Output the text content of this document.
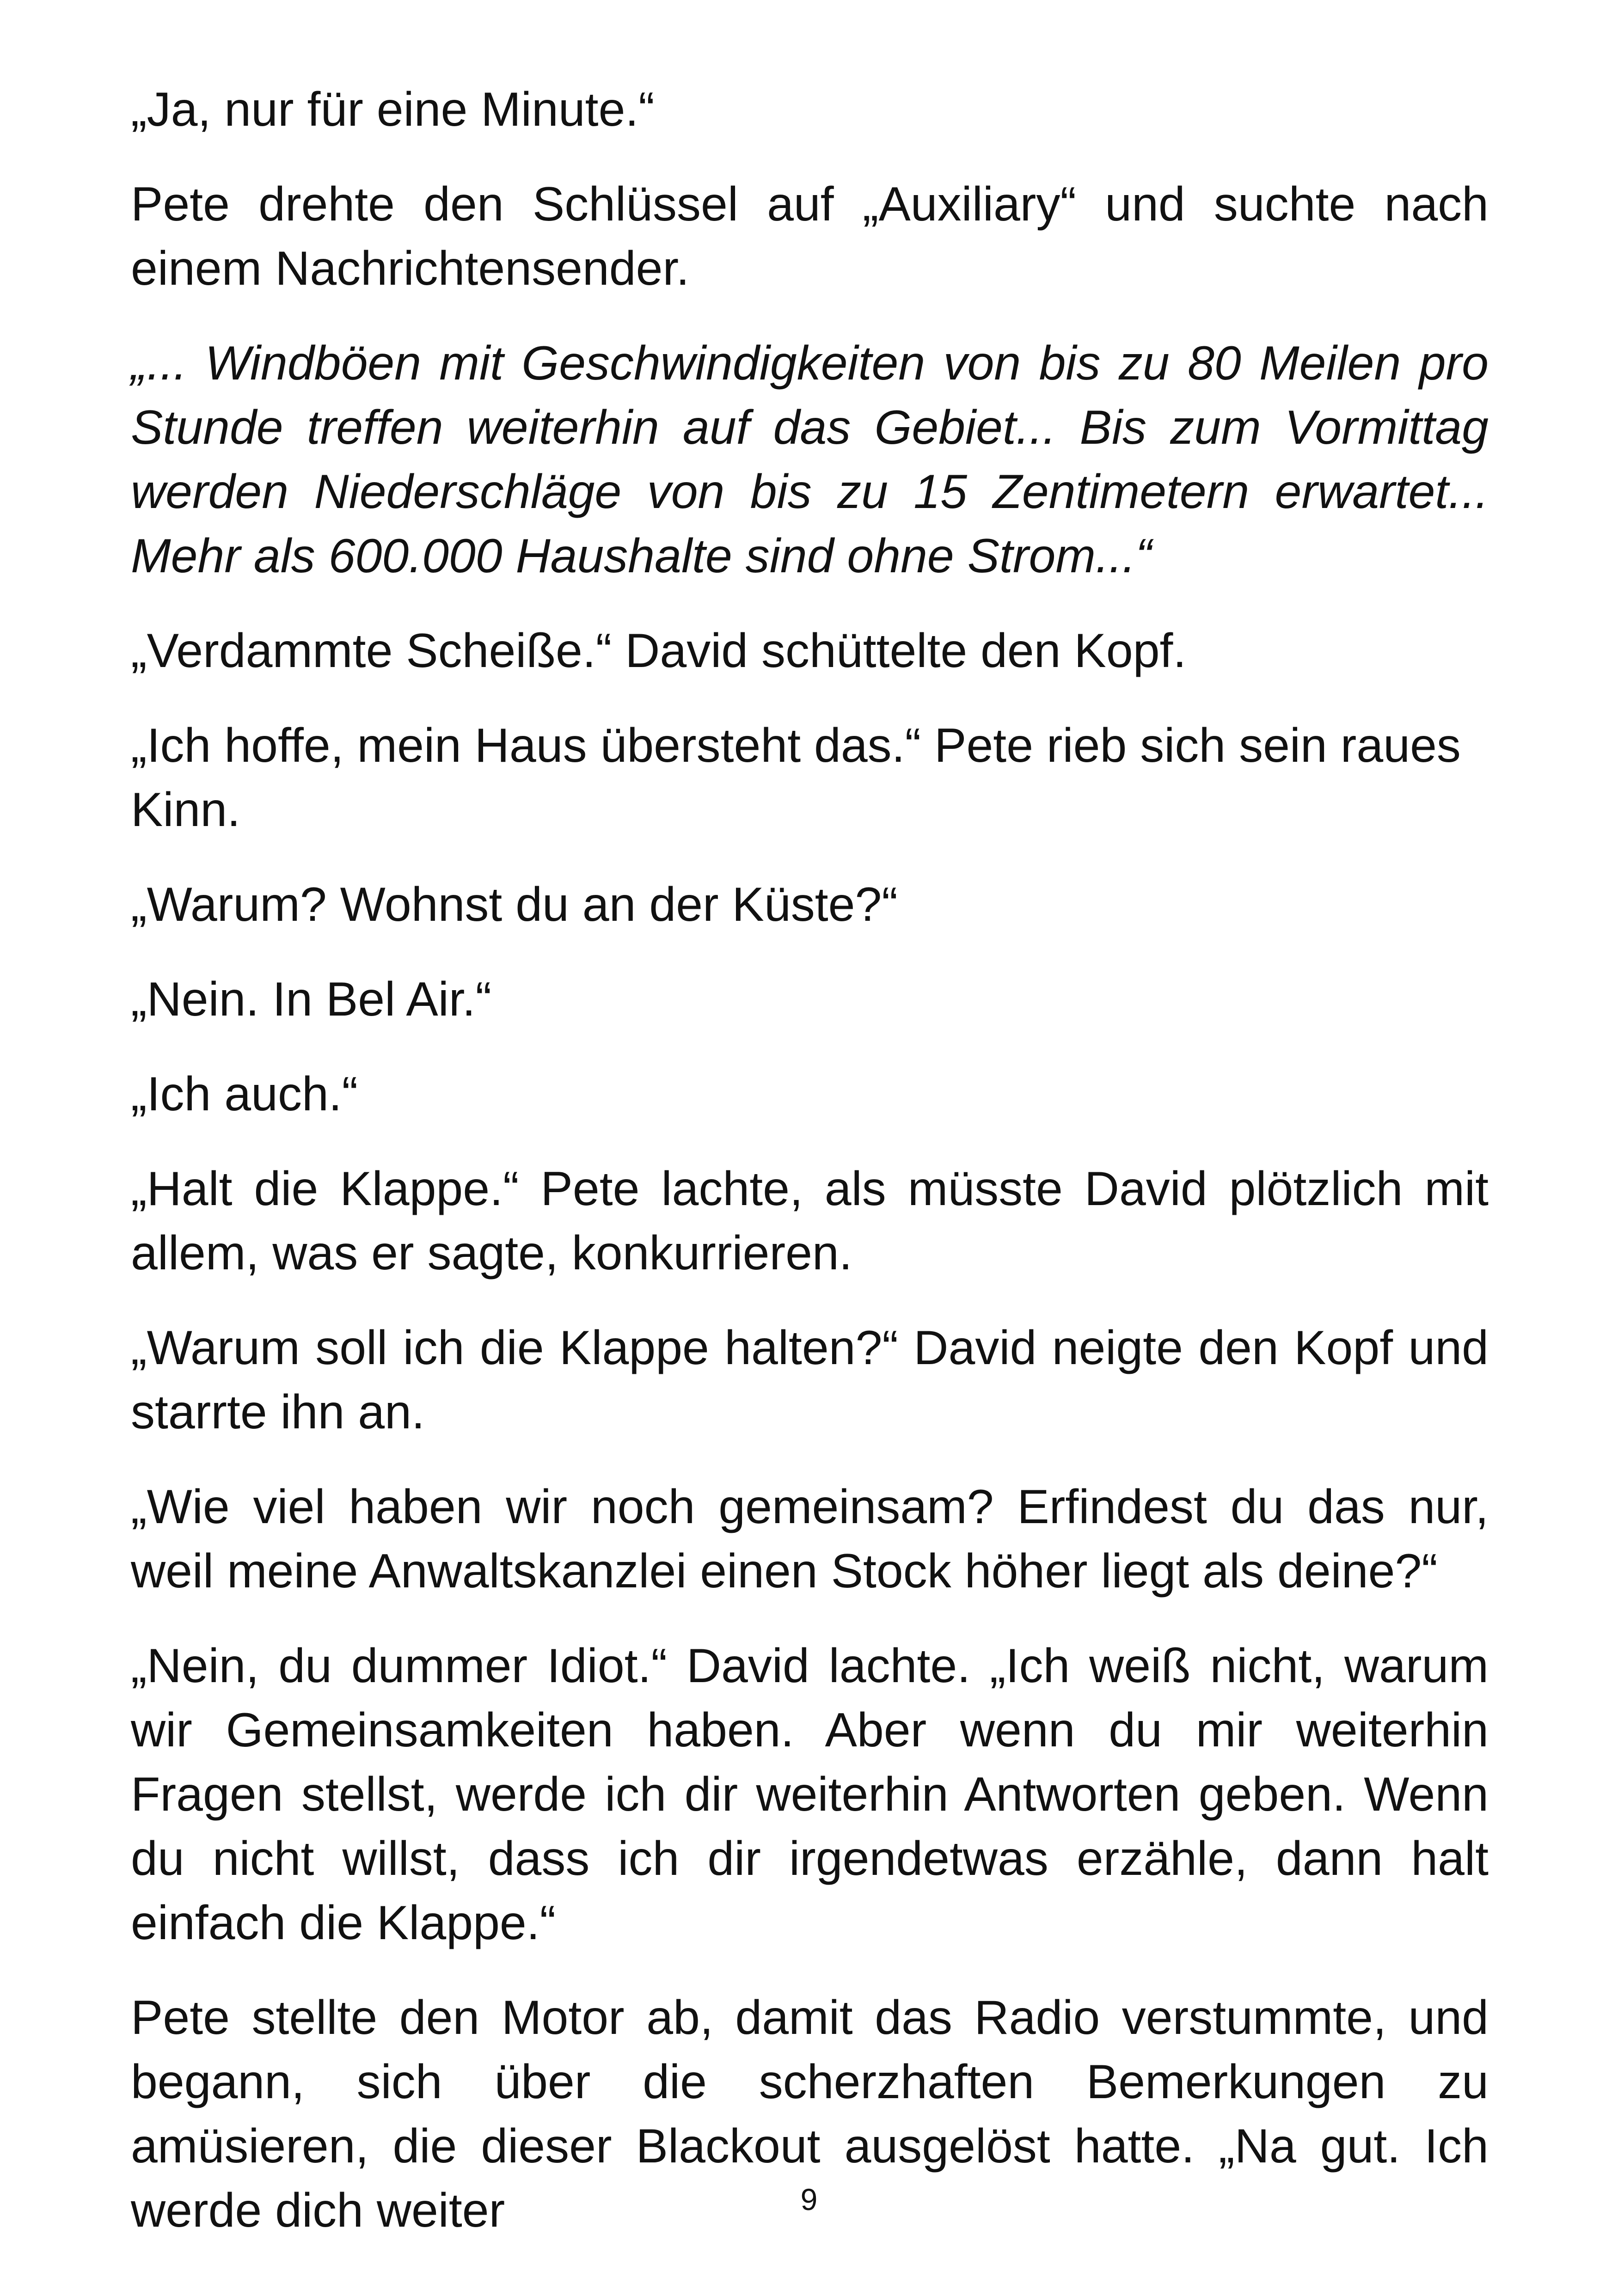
„Ja, nur für eine Minute.“

Pete drehte den Schlüssel auf „Auxiliary“ und suchte nach einem Nachrichtensender.

„... Windböen mit Geschwindigkeiten von bis zu 80 Meilen pro Stunde treffen weiterhin auf das Gebiet... Bis zum Vormittag werden Niederschläge von bis zu 15 Zentimetern erwartet... Mehr als 600.000 Haushalte sind ohne Strom...“

„Verdammte Scheiße.“ David schüttelte den Kopf.

„Ich hoffe, mein Haus übersteht das.“ Pete rieb sich sein raues Kinn.

„Warum? Wohnst du an der Küste?“

„Nein. In Bel Air.“

„Ich auch.“

„Halt die Klappe.“ Pete lachte, als müsste David plötzlich mit allem, was er sagte, konkurrieren.

„Warum soll ich die Klappe halten?“ David neigte den Kopf und starrte ihn an.

„Wie viel haben wir noch gemeinsam? Erfindest du das nur, weil meine Anwaltskanzlei einen Stock höher liegt als deine?“

„Nein, du dummer Idiot.“ David lachte. „Ich weiß nicht, warum wir Gemeinsamkeiten haben. Aber wenn du mir weiterhin Fragen stellst, werde ich dir weiterhin Antworten geben. Wenn du nicht willst, dass ich dir irgendetwas erzähle, dann halt einfach die Klappe.“

Pete stellte den Motor ab, damit das Radio verstummte, und begann, sich über die scherzhaften Bemerkungen zu amüsieren, die dieser Blackout ausgelöst hatte. „Na gut. Ich werde dich weiter	9
